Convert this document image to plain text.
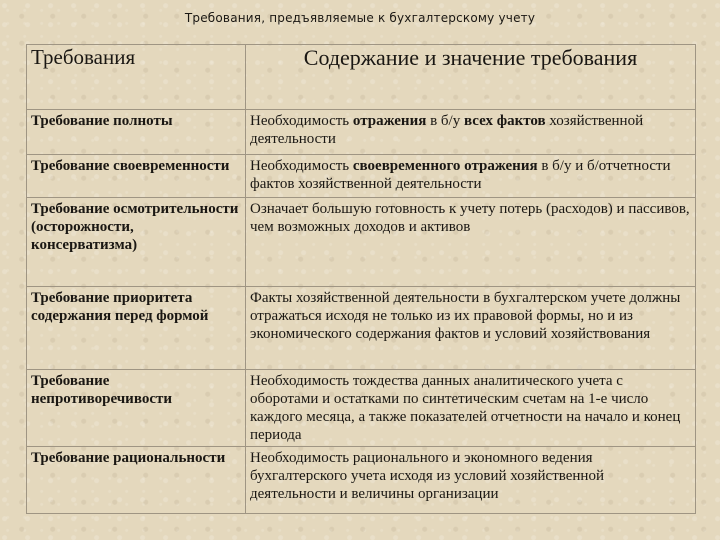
Требования, предъявляемые к бухгалтерскому учету
Требования	Содержание и значение требования
Требование полноты	Необходимость отражения в б/у всех фактов хозяйственной деятельности
Требование своевременности	Необходимость своевременного отражения в б/у и б/отчетности фактов хозяйственной деятельности
Требование осмотрительности (осторожности, консерватизма)	Означает большую готовность к учету потерь (расходов) и пассивов, чем возможных доходов и активов
Требование приоритета содержания перед формой	Факты хозяйственной деятельности в бухгалтерском учете должны отражаться исходя не только из их правовой формы, но и из экономического содержания фактов и условий хозяйствования
Требование непротиворечивости	Необходимость тождества данных аналитического учета с оборотами и остатками по синтетическим счетам на 1-е число каждого месяца, а также показателей отчетности на начало и конец периода
Требование рациональности	Необходимость рационального и экономного ведения бухгалтерского учета исходя из условий хозяйственной деятельности и величины организации
